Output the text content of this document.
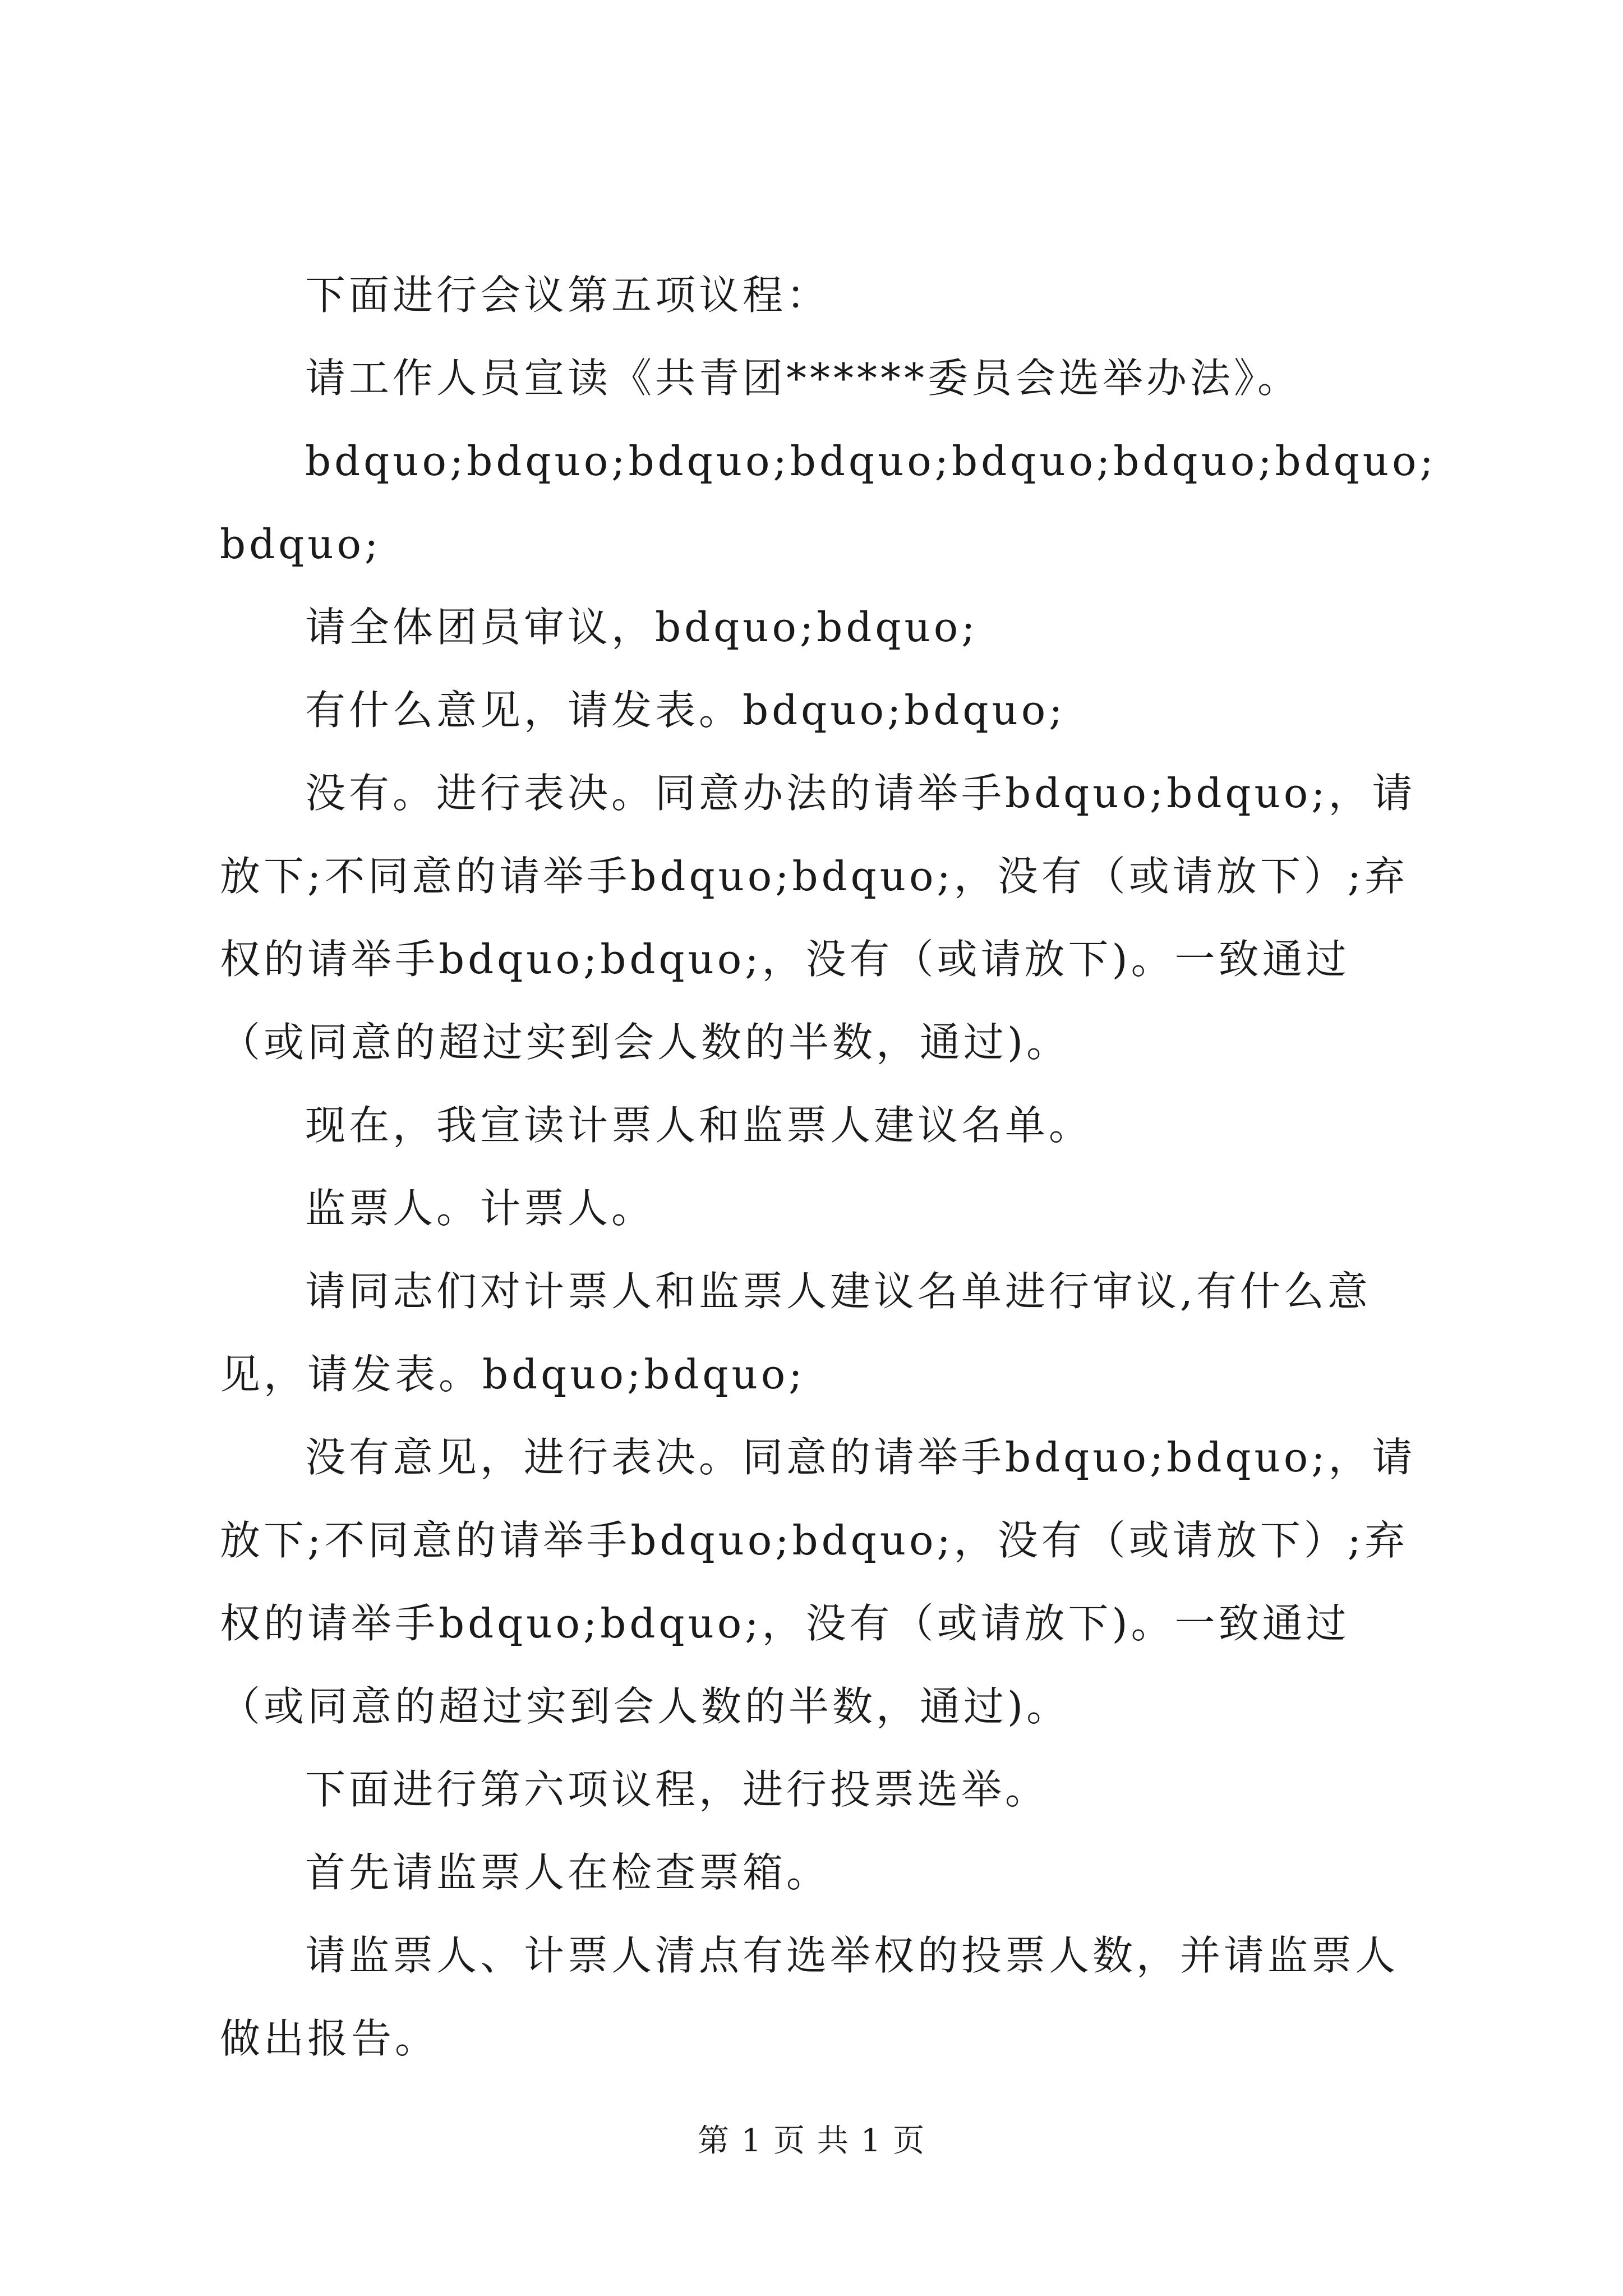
下面进行会议第五项议程：

请工作人员宣读《共青团******委员会选举办法》。

bdquo;bdquo;bdquo;bdquo;bdquo;bdquo;bdquo;bdquo;

请全体团员审议，bdquo;bdquo;

有什么意见，请发表。bdquo;bdquo;

没有。进行表决。同意办法的请举手bdquo;bdquo;，请放下;不同意的请举手bdquo;bdquo;，没有（或请放下）;弃权的请举手bdquo;bdquo;，没有（或请放下)。一致通过（或同意的超过实到会人数的半数，通过)。

现在，我宣读计票人和监票人建议名单。

监票人。计票人。

请同志们对计票人和监票人建议名单进行审议,有什么意见，请发表。bdquo;bdquo;

没有意见，进行表决。同意的请举手bdquo;bdquo;，请放下;不同意的请举手bdquo;bdquo;，没有（或请放下）;弃权的请举手bdquo;bdquo;，没有（或请放下)。一致通过（或同意的超过实到会人数的半数，通过)。

下面进行第六项议程，进行投票选举。

首先请监票人在检查票箱。

请监票人、计票人清点有选举权的投票人数，并请监票人做出报告。

第 1 页 共 1 页
